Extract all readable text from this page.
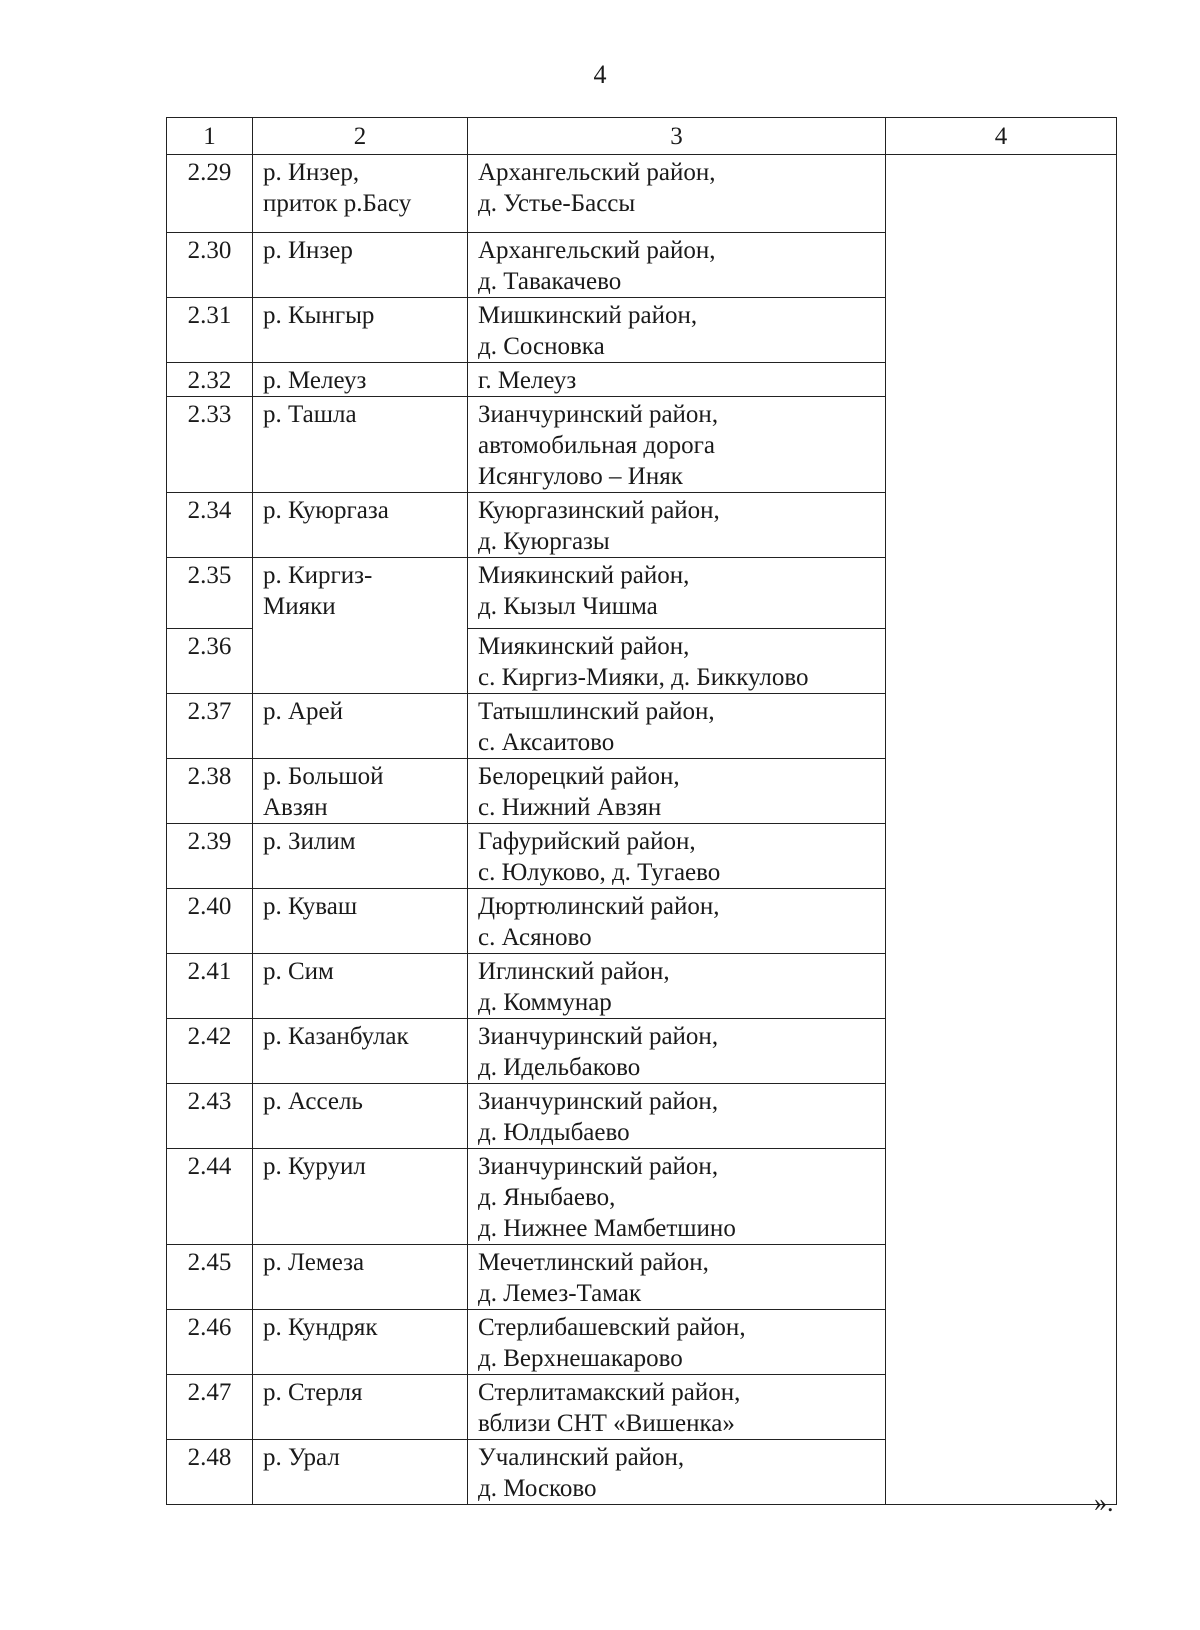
4
1	2	3	4
2.29	р. Инзер,
приток р.Басу	Архангельский район,
д. Устье-Бассы	
2.30	р. Инзер	Архангельский район,
д. Тавакачево	
2.31	р. Кынгыр	Мишкинский район,
д. Сосновка	
2.32	р. Мелеуз	г. Мелеуз	
2.33	р. Ташла	Зианчуринский район,
автомобильная дорога
Исянгулово – Иняк	
2.34	р. Куюргаза	Куюргазинский район,
д. Куюргазы	
2.35	р. Киргиз-
Мияки	Миякинский район,
д. Кызыл Чишма	
2.36		Миякинский район,
с. Киргиз-Мияки, д. Биккулово	
2.37	р. Арей	Татышлинский район,
с. Аксаитово	
2.38	р. Большой
Авзян	Белорецкий район,
с. Нижний Авзян	
2.39	р. Зилим	Гафурийский район,
с. Юлуково, д. Тугаево	
2.40	р. Куваш	Дюртюлинский район,
с. Асяново	
2.41	р. Сим	Иглинский район,
д. Коммунар	
2.42	р. Казанбулак	Зианчуринский район,
д. Идельбаково	
2.43	р. Ассель	Зианчуринский район,
д. Юлдыбаево	
2.44	р. Куруил	Зианчуринский район,
д. Яныбаево,
д. Нижнее Мамбетшино	
2.45	р. Лемеза	Мечетлинский район,
д. Лемез-Тамак	
2.46	р. Кундряк	Стерлибашевский район,
д. Верхнешакарово	
2.47	р. Стерля	Стерлитамакский район,
вблизи СНТ «Вишенка»	
2.48	р. Урал	Учалинский район,
д. Москово		».
